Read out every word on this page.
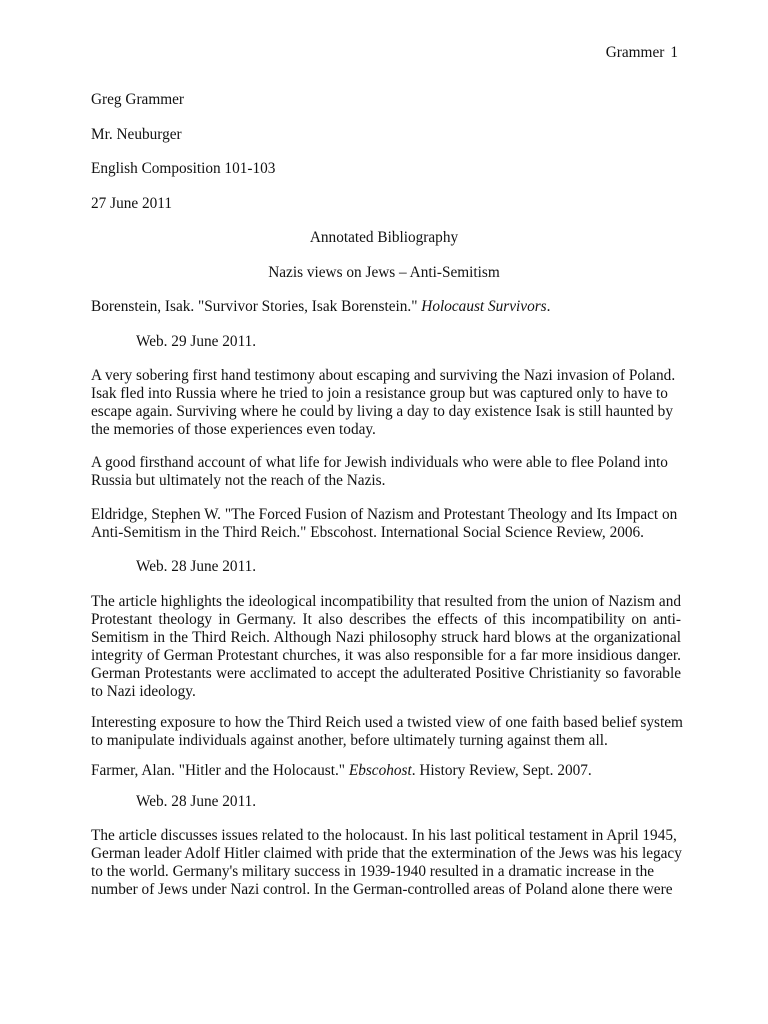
Grammer 1
Greg Grammer
Mr. Neuburger
English Composition 101-103
27 June 2011
Annotated Bibliography
Nazis views on Jews – Anti-Semitism
Borenstein, Isak. "Survivor Stories, Isak Borenstein." Holocaust Survivors.
Web. 29 June 2011.
A very sobering first hand testimony about escaping and surviving the Nazi invasion of Poland.
Isak fled into Russia where he tried to join a resistance group but was captured only to have to
escape again. Surviving where he could by living a day to day existence Isak is still haunted by
the memories of those experiences even today.
A good firsthand account of what life for Jewish individuals who were able to flee Poland into
Russia but ultimately not the reach of the Nazis.
Eldridge, Stephen W. "The Forced Fusion of Nazism and Protestant Theology and Its Impact on
Anti-Semitism in the Third Reich." Ebscohost. International Social Science Review, 2006.
Web. 28 June 2011.
The article highlights the ideological incompatibility that resulted from the union of Nazism and
Protestant theology in Germany. It also describes the effects of this incompatibility on anti-
Semitism in the Third Reich. Although Nazi philosophy struck hard blows at the organizational
integrity of German Protestant churches, it was also responsible for a far more insidious danger.
German Protestants were acclimated to accept the adulterated Positive Christianity so favorable
to Nazi ideology.
Interesting exposure to how the Third Reich used a twisted view of one faith based belief system
to manipulate individuals against another, before ultimately turning against them all.
Farmer, Alan. "Hitler and the Holocaust." Ebscohost. History Review, Sept. 2007.
Web. 28 June 2011.
The article discusses issues related to the holocaust. In his last political testament in April 1945,
German leader Adolf Hitler claimed with pride that the extermination of the Jews was his legacy
to the world. Germany's military success in 1939-1940 resulted in a dramatic increase in the
number of Jews under Nazi control. In the German-controlled areas of Poland alone there were
